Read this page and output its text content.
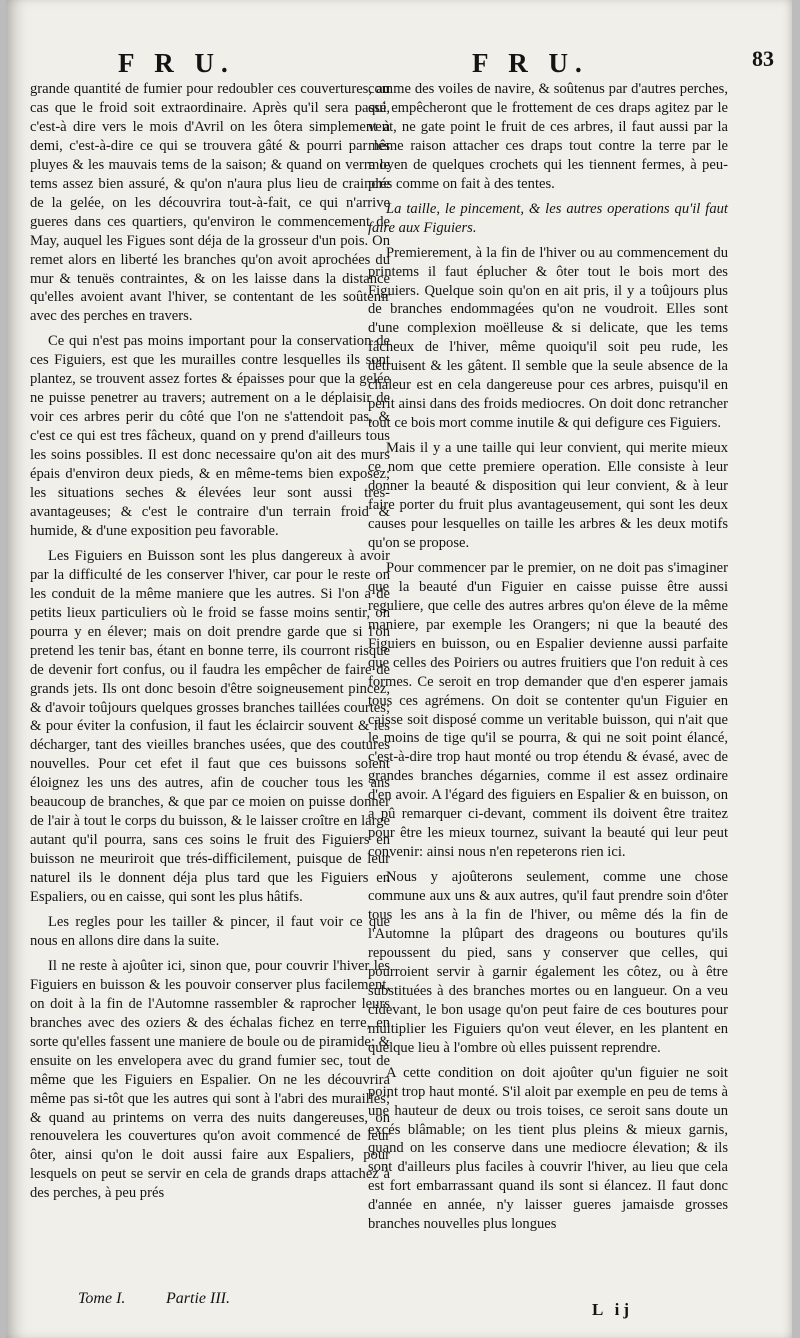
F R U.	F R U.	83

grande quantité de fumier pour redoubler ces couvertures, au cas que le froid soit extraordinaire. Après qu'il sera passé, c'est-à dire vers le mois d'Avril on les ôtera simplement à demi, c'est-à-dire ce qui se trouvera gâté & pourri par les pluyes & les mauvais tems de la saison; & quand on verra le tems assez bien assuré, & qu'on n'aura plus lieu de craindre de la gelée, on les découvrira tout-à-fait, ce qui n'arrive gueres dans ces quartiers, qu'environ le commencement de May, auquel les Figues sont déja de la grosseur d'un pois. On remet alors en liberté les branches qu'on avoit aprochées du mur & tenuës contraintes, & on les laisse dans la distance qu'elles avoient avant l'hiver, se contentant de les soûtenir avec des perches en travers.

Ce qui n'est pas moins important pour la conservation de ces Figuiers, est que les murailles contre lesquelles ils sont plantez, se trouvent assez fortes & épaisses pour que la gelée ne puisse penetrer au travers; autrement on a le déplaisir de voir ces arbres perir du côté que l'on ne s'attendoit pas, & c'est ce qui est tres fâcheux, quand on y prend d'ailleurs tous les soins possibles. Il est donc necessaire qu'on ait des murs épais d'environ deux pieds, & en même-tems bien exposez; les situations seches & élevées leur sont aussi tres-avantageuses; & c'est le contraire d'un terrain froid & humide, & d'une exposition peu favorable.

Les Figuiers en Buisson sont les plus dangereux à avoir par la difficulté de les conserver l'hiver, car pour le reste on les conduit de la même maniere que les autres. Si l'on a de petits lieux particuliers où le froid se fasse moins sentir, on pourra y en élever; mais on doit prendre garde que si l'on pretend les tenir bas, étant en bonne terre, ils courront risque de devenir fort confus, ou il faudra les empêcher de faire de grands jets. Ils ont donc besoin d'être soigneusement pincez, & d'avoir toûjours quelques grosses branches taillées courtes; & pour éviter la confusion, il faut les éclaircir souvent & les décharger, tant des vieilles branches usées, que des coutures nouvelles. Pour cet efet il faut que ces buissons soient éloignez les uns des autres, afin de coucher tous les ans beaucoup de branches, & que par ce moien on puisse donner de l'air à tout le corps du buisson, & le laisser croître en large autant qu'il pourra, sans ces soins le fruit des Figuiers en buisson ne meuriroit que trés-difficilement, puisque de leur naturel ils le donnent déja plus tard que les Figuiers en Espaliers, ou en caisse, qui sont les plus hâtifs.

Les regles pour les tailler & pincer, il faut voir ce que nous en allons dire dans la suite.

Il ne reste à ajoûter ici, sinon que, pour couvrir l'hiver les Figuiers en buisson & les pouvoir conserver plus facilement, on doit à la fin de l'Automne rassembler & raprocher leurs branches avec des oziers & des échalas fichez en terre, en sorte qu'elles fassent une maniere de boule ou de piramide; & ensuite on les envelopera avec du grand fumier sec, tout de même que les Figuiers en Espalier. On ne les découvrira même pas si-tôt que les autres qui sont à l'abri des murailles; & quand au printems on verra des nuits dangereuses, on renouvelera les couvertures qu'on avoit commencé de leur ôter, ainsi qu'on le doit aussi faire aux Espaliers, pour lesquels on peut se servir en cela de grands draps attachez à des perches, à peu prés

comme des voiles de navire, & soûtenus par d'autres perches, qui empêcheront que le frottement de ces draps agitez par le vent, ne gate point le fruit de ces arbres, il faut aussi par la même raison attacher ces draps tout contre la terre par le moyen de quelques crochets qui les tiennent fermes, à peu-prés comme on fait à des tentes.

La taille, le pincement, & les autres operations qu'il faut faire aux Figuiers.

Premierement, à la fin de l'hiver ou au commencement du printems il faut éplucher & ôter tout le bois mort des Figuiers. Quelque soin qu'on en ait pris, il y a toûjours plus de branches endommagées qu'on ne voudroit. Elles sont d'une complexion moëlleuse & si delicate, que les tems fâcheux de l'hiver, même quoiqu'il soit peu rude, les détruisent & les gâtent. Il semble que la seule absence de la chaleur est en cela dangereuse pour ces arbres, puisqu'il en perit ainsi dans des froids mediocres. On doit donc retrancher tout ce bois mort comme inutile & qui defigure ces Figuiers.

Mais il y a une taille qui leur convient, qui merite mieux ce nom que cette premiere operation. Elle consiste à leur donner la beauté & disposition qui leur convient, & à leur faire porter du fruit plus avantageusement, qui sont les deux causes pour lesquelles on taille les arbres & les deux motifs qu'on se propose.

Pour commencer par le premier, on ne doit pas s'imaginer que la beauté d'un Figuier en caisse puisse être aussi reguliere, que celle des autres arbres qu'on éleve de la même maniere, par exemple les Orangers; ni que la beauté des Figuiers en buisson, ou en Espalier devienne aussi parfaite que celles des Poiriers ou autres fruitiers que l'on reduit à ces formes. Ce seroit en trop demander que d'en esperer jamais tous ces agrémens. On doit se contenter qu'un Figuier en caisse soit disposé comme un veritable buisson, qui n'ait que le moins de tige qu'il se pourra, & qui ne soit point élancé, c'est-à-dire trop haut monté ou trop étendu & évasé, avec de grandes branches dégarnies, comme il est assez ordinaire d'en avoir. A l'égard des figuiers en Espalier & en buisson, on a pû remarquer ci-devant, comment ils doivent être traitez pour être les mieux tournez, suivant la beauté qui leur peut convenir: ainsi nous n'en repeterons rien ici.

Nous y ajoûterons seulement, comme une chose commune aux uns & aux autres, qu'il faut prendre soin d'ôter tous les ans à la fin de l'hiver, ou même dés la fin de l'Automne la plûpart des drageons ou boutures qu'ils repoussent du pied, sans y conserver que celles, qui pourroient servir à garnir également les côtez, ou à être substituées à des branches mortes ou en langueur. On a veu cidevant, le bon usage qu'on peut faire de ces boutures pour multiplier les Figuiers qu'on veut élever, en les plantent en quelque lieu à l'ombre où elles puissent reprendre.

A cette condition on doit ajoûter qu'un figuier ne soit point trop haut monté. S'il aloit par exemple en peu de tems à une hauteur de deux ou trois toises, ce seroit sans doute un excés blâmable; on les tient plus pleins & mieux garnis, quand on les conserve dans une mediocre élevation; & ils sont d'ailleurs plus faciles à couvrir l'hiver, au lieu que cela est fort embarrassant quand ils sont si élancez. Il faut donc d'année en année, n'y laisser gueres jamaisde grosses branches nouvelles plus longues

Tome I.	Partie III.
L ij
